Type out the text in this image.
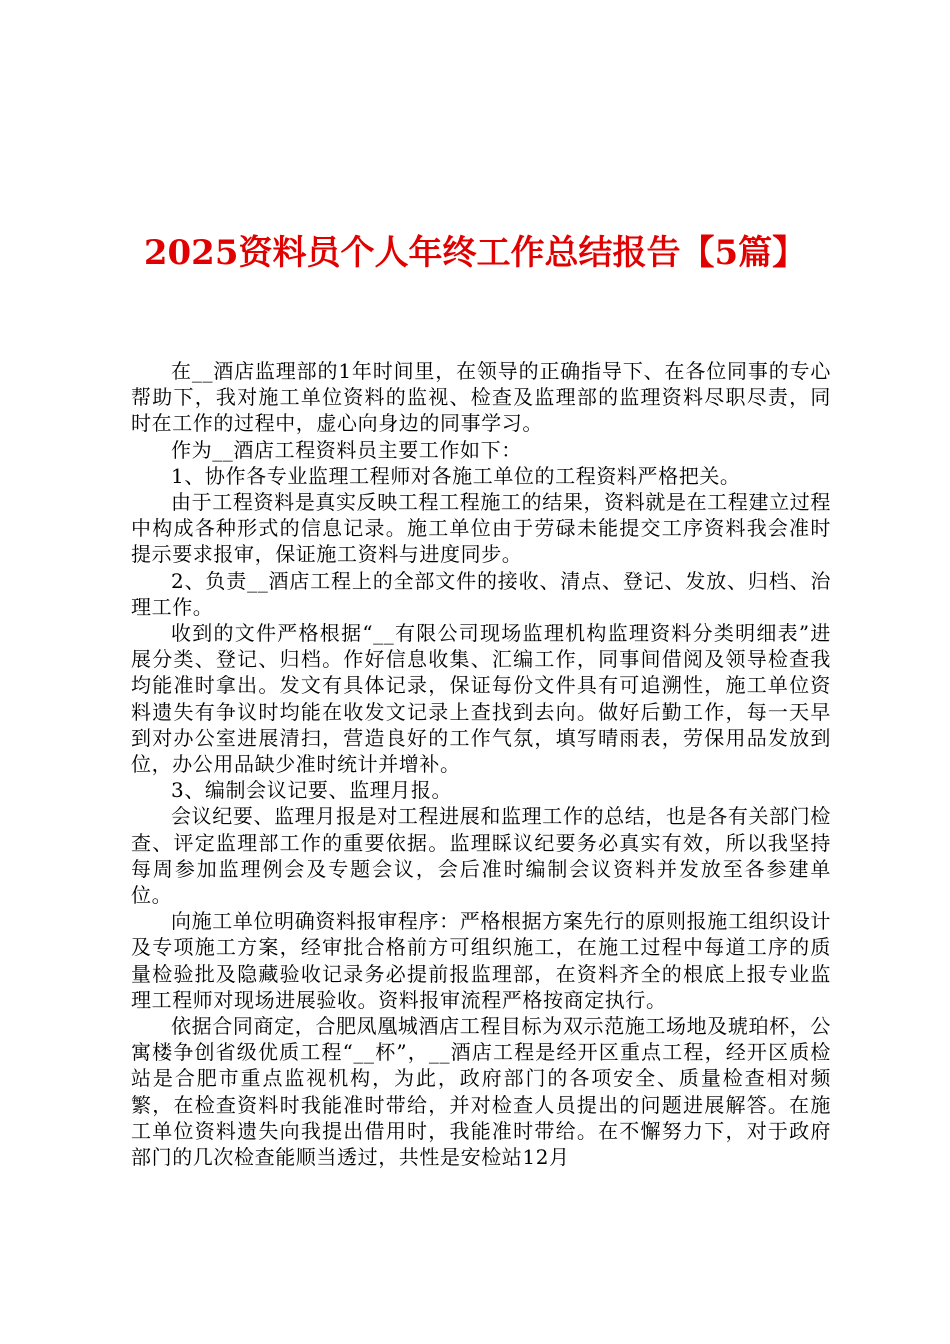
2025资料员个人年终工作总结报告【5篇】

在__酒店监理部的1年时间里，在领导的正确指导下、在各位同事的专心帮助下，我对施工单位资料的监视、检查及监理部的监理资料尽职尽责，同时在工作的过程中，虚心向身边的同事学习。

作为__酒店工程资料员主要工作如下：

1、协作各专业监理工程师对各施工单位的工程资料严格把关。

由于工程资料是真实反映工程工程施工的结果，资料就是在工程建立过程中构成各种形式的信息记录。施工单位由于劳碌未能提交工序资料我会准时提示要求报审，保证施工资料与进度同步。

2、负责__酒店工程上的全部文件的接收、清点、登记、发放、归档、治理工作。

收到的文件严格根据“__有限公司现场监理机构监理资料分类明细表”进展分类、登记、归档。作好信息收集、汇编工作，同事间借阅及领导检查我均能准时拿出。发文有具体记录，保证每份文件具有可追溯性，施工单位资料遗失有争议时均能在收发文记录上查找到去向。做好后勤工作，每一天早到对办公室进展清扫，营造良好的工作气氛，填写晴雨表，劳保用品发放到位，办公用品缺少准时统计并增补。

3、编制会议记要、监理月报。

会议纪要、监理月报是对工程进展和监理工作的总结，也是各有关部门检查、评定监理部工作的重要依据。监理睬议纪要务必真实有效，所以我坚持每周参加监理例会及专题会议，会后准时编制会议资料并发放至各参建单位。

向施工单位明确资料报审程序：严格根据方案先行的原则报施工组织设计及专项施工方案，经审批合格前方可组织施工，在施工过程中每道工序的质量检验批及隐藏验收记录务必提前报监理部，在资料齐全的根底上报专业监理工程师对现场进展验收。资料报审流程严格按商定执行。

依据合同商定，合肥凤凰城酒店工程目标为双示范施工场地及琥珀杯，公寓楼争创省级优质工程“__杯”，__酒店工程是经开区重点工程，经开区质检站是合肥市重点监视机构，为此，政府部门的各项安全、质量检查相对频繁，在检查资料时我能准时带给，并对检查人员提出的问题进展解答。在施工单位资料遗失向我提出借用时，我能准时带给。在不懈努力下，对于政府部门的几次检查能顺当透过，共性是安检站12月
